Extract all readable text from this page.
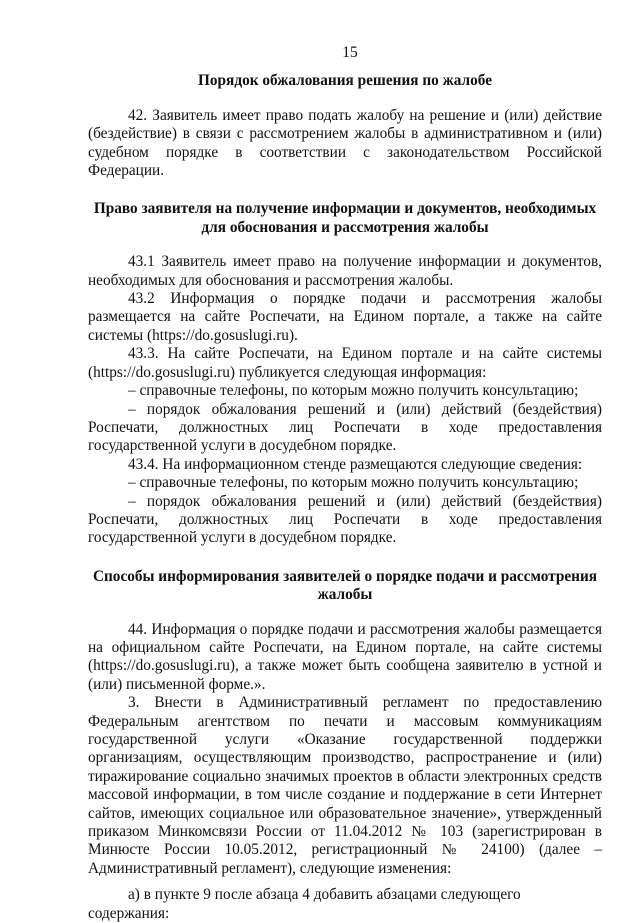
15
Порядок обжалования решения по жалобе

42. Заявитель имеет право подать жалобу на решение и (или) действие (бездействие) в связи с рассмотрением жалобы в административном и (или) судебном порядке в соответствии с законодательством Российской Федерации.

Право заявителя на получение информации и документов, необходимых для обоснования и рассмотрения жалобы

43.1 Заявитель имеет право на получение информации и документов, необходимых для обоснования и рассмотрения жалобы.

43.2 Информация о порядке подачи и рассмотрения жалобы размещается на сайте Роспечати, на Едином портале, а также на сайте системы (https://do.gosuslugi.ru).

43.3. На сайте Роспечати, на Едином портале и на сайте системы (https://do.gosuslugi.ru) публикуется следующая информация:

– справочные телефоны, по которым можно получить консультацию;

– порядок обжалования решений и (или) действий (бездействия) Роспечати, должностных лиц Роспечати в ходе предоставления государственной услуги в досудебном порядке.

43.4. На информационном стенде размещаются следующие сведения:

– справочные телефоны, по которым можно получить консультацию;

– порядок обжалования решений и (или) действий (бездействия) Роспечати, должностных лиц Роспечати в ходе предоставления государственной услуги в досудебном порядке.

Способы информирования заявителей о порядке подачи и рассмотрения жалобы

44. Информация о порядке подачи и рассмотрения жалобы размещается на официальном сайте Роспечати, на Едином портале, на сайте системы (https://do.gosuslugi.ru), а также может быть сообщена заявителю в устной и (или) письменной форме.».

3. Внести в Административный регламент по предоставлению Федеральным агентством по печати и массовым коммуникациям государственной услуги «Оказание государственной поддержки организациям, осуществляющим производство, распространение и (или) тиражирование социально значимых проектов в области электронных средств массовой информации, в том числе создание и поддержание в сети Интернет сайтов, имеющих социальное или образовательное значение», утвержденный приказом Минкомсвязи России от 11.04.2012 № 103 (зарегистрирован в Минюсте России 10.05.2012, регистрационный № 24100) (далее – Административный регламент), следующие изменения:

а) в пункте 9 после абзаца 4 добавить абзацами следующего содержания:
